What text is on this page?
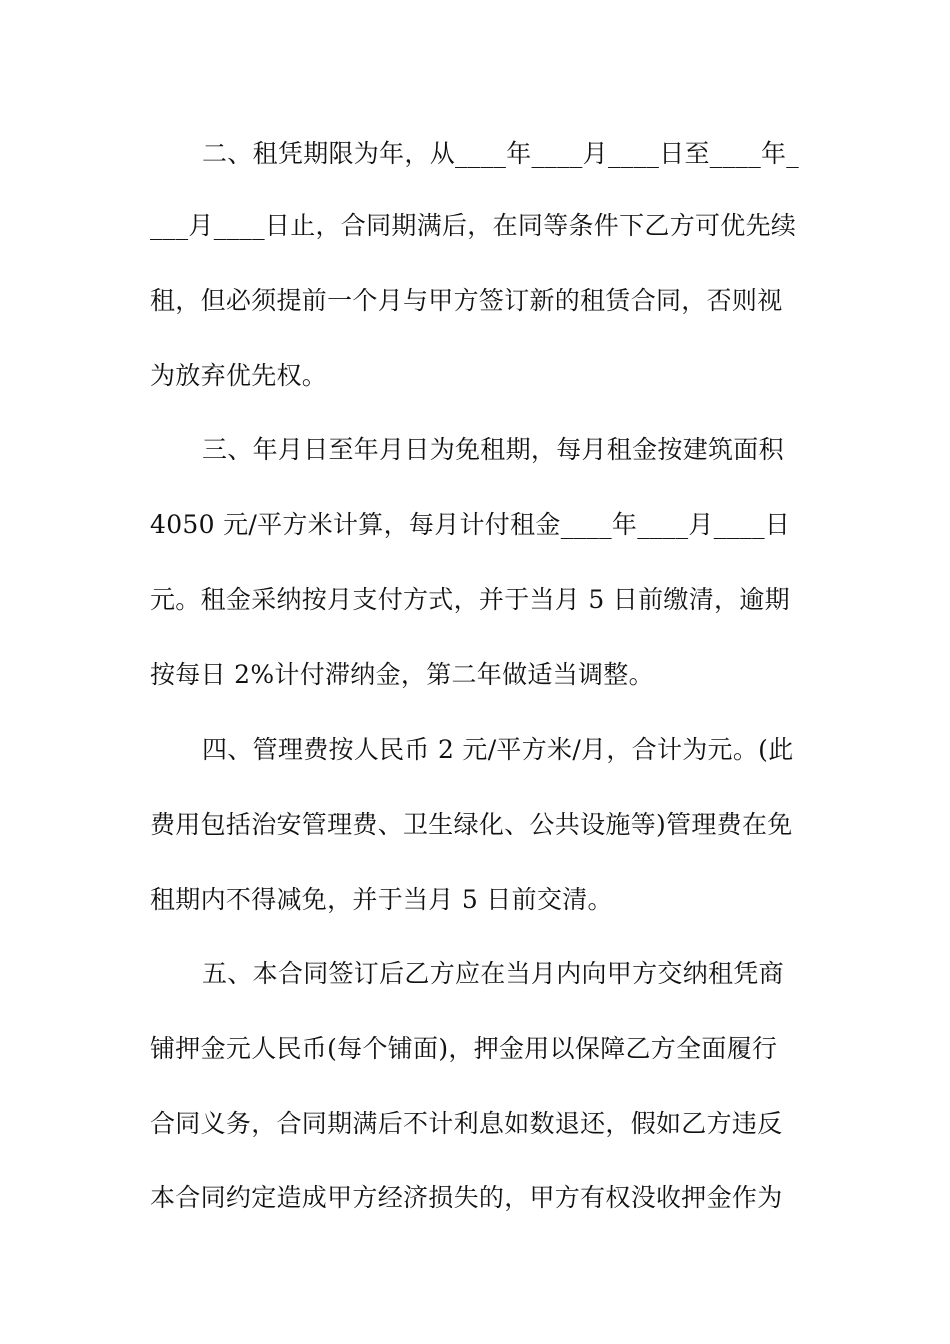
二、租凭期限为年，从____年____月____日至____年_
___月____日止，合同期满后，在同等条件下乙方可优先续
租，但必须提前一个月与甲方签订新的租赁合同，否则视
为放弃优先权。
三、年月日至年月日为免租期，每月租金按建筑面积
4050 元/平方米计算，每月计付租金____年____月____日
元。租金采纳按月支付方式，并于当月 5 日前缴清，逾期
按每日 2%计付滞纳金，第二年做适当调整。
四、管理费按人民币 2 元/平方米/月，合计为元。(此
费用包括治安管理费、卫生绿化、公共设施等)管理费在免
租期内不得减免，并于当月 5 日前交清。
五、本合同签订后乙方应在当月内向甲方交纳租凭商
铺押金元人民币(每个铺面)，押金用以保障乙方全面履行
合同义务，合同期满后不计利息如数退还，假如乙方违反
本合同约定造成甲方经济损失的，甲方有权没收押金作为
